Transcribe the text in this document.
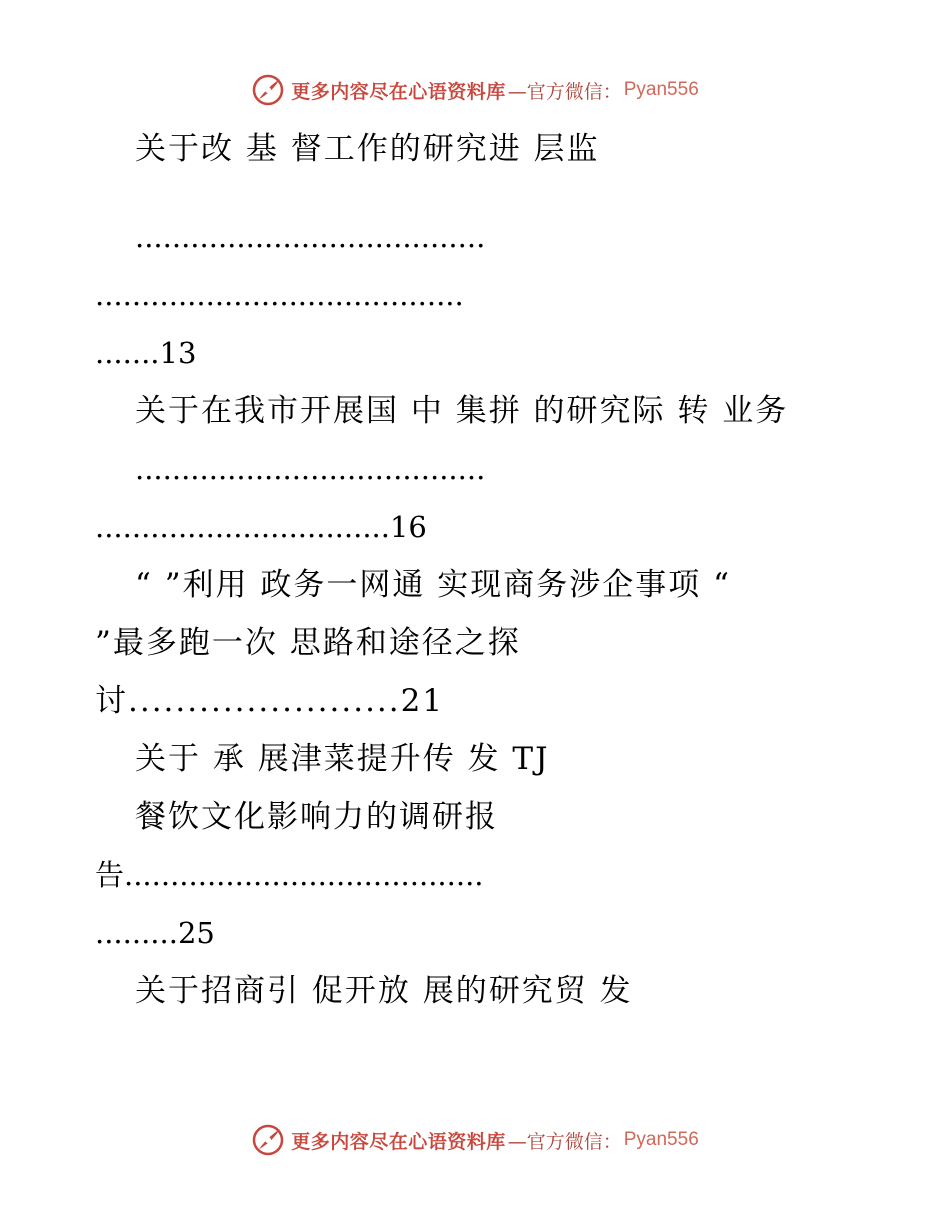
更多内容尽在心语资料库 —官方微信： Pyan556
关于改 基 督工作的研究进 层监
......................................
........................................
.......13
关于在我市开展国 中 集拼 的研究际 转 业务
......................................
................................16
“ ”利用 政务一网通 实现商务涉企事项 “
”最多跑一次 思路和途径之探
讨.......................21
关于 承 展津菜提升传 发 TJ
餐饮文化影响力的调研报
告.......................................
.........25
关于招商引 促开放 展的研究贸 发
更多内容尽在心语资料库 —官方微信： Pyan556
